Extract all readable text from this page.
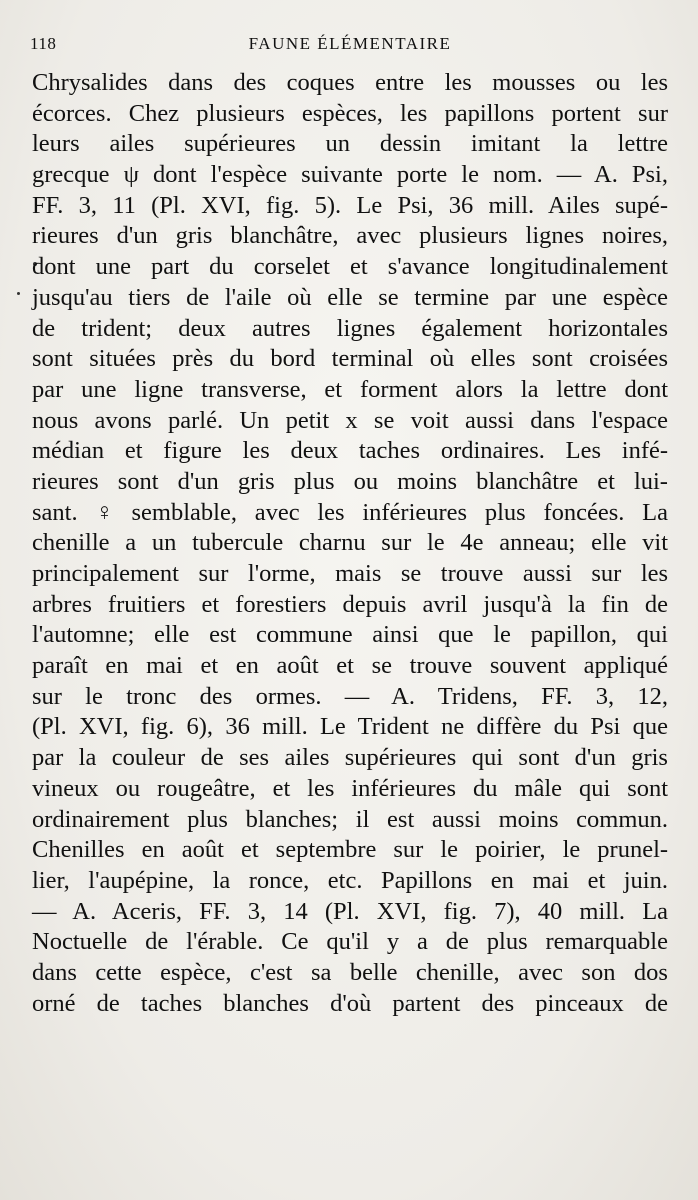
118	FAUNE ÉLÉMENTAIRE
Chrysalides dans des coques entre les mousses ou les
écorces. Chez plusieurs espèces, les papillons portent sur
leurs ailes supérieures un dessin imitant la lettre
grecque ψ dont l'espèce suivante porte le nom. — A. Psi,
FF. 3, 11 (Pl. XVI, fig. 5). Le Psi, 36 mill. Ailes supé-
rieures d'un gris blanchâtre, avec plusieurs lignes noires,
dont une part du corselet et s'avance longitudinalement
jusqu'au tiers de l'aile où elle se termine par une espèce
de trident; deux autres lignes également horizontales
sont situées près du bord terminal où elles sont croisées
par une ligne transverse, et forment alors la lettre dont
nous avons parlé. Un petit x se voit aussi dans l'espace
médian et figure les deux taches ordinaires. Les infé-
rieures sont d'un gris plus ou moins blanchâtre et lui-
sant. ♀ semblable, avec les inférieures plus foncées. La
chenille a un tubercule charnu sur le 4e anneau; elle vit
principalement sur l'orme, mais se trouve aussi sur les
arbres fruitiers et forestiers depuis avril jusqu'à la fin de
l'automne; elle est commune ainsi que le papillon, qui
paraît en mai et en août et se trouve souvent appliqué
sur le tronc des ormes. — A. Tridens, FF. 3, 12,
(Pl. XVI, fig. 6), 36 mill. Le Trident ne diffère du Psi que
par la couleur de ses ailes supérieures qui sont d'un gris
vineux ou rougeâtre, et les inférieures du mâle qui sont
ordinairement plus blanches; il est aussi moins commun.
Chenilles en août et septembre sur le poirier, le prunel-
lier, l'aupépine, la ronce, etc. Papillons en mai et juin.
— A. Aceris, FF. 3, 14 (Pl. XVI, fig. 7), 40 mill. La
Noctuelle de l'érable. Ce qu'il y a de plus remarquable
dans cette espèce, c'est sa belle chenille, avec son dos
orné de taches blanches d'où partent des pinceaux de
